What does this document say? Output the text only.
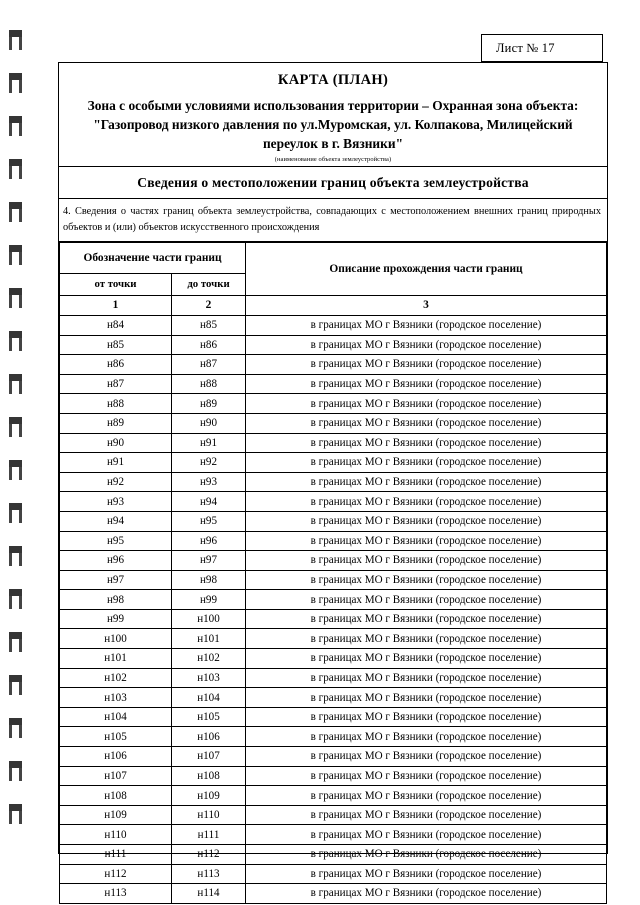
Лист № 17
КАРТА (ПЛАН)
Зона с особыми условиями использования территории – Охранная зона объекта:
"Газопровод низкого давления по ул.Муромская, ул. Колпакова, Милицейский
переулок в г. Вязники"
(наименование объекта землеустройства)
Сведения о местоположении границ объекта землеустройства
4. Сведения о частях границ объекта землеустройства, совпадающих с местоположением внешних границ природных объектов и (или) объектов искусственного происхождения
Обозначение части границ		Описание прохождения части границ
от точки	до точки	
1	2	3
н84	н85	в границах МО г Вязники (городское поселение)
н85	н86	в границах МО г Вязники (городское поселение)
н86	н87	в границах МО г Вязники (городское поселение)
н87	н88	в границах МО г Вязники (городское поселение)
н88	н89	в границах МО г Вязники (городское поселение)
н89	н90	в границах МО г Вязники (городское поселение)
н90	н91	в границах МО г Вязники (городское поселение)
н91	н92	в границах МО г Вязники (городское поселение)
н92	н93	в границах МО г Вязники (городское поселение)
н93	н94	в границах МО г Вязники (городское поселение)
н94	н95	в границах МО г Вязники (городское поселение)
н95	н96	в границах МО г Вязники (городское поселение)
н96	н97	в границах МО г Вязники (городское поселение)
н97	н98	в границах МО г Вязники (городское поселение)
н98	н99	в границах МО г Вязники (городское поселение)
н99	н100	в границах МО г Вязники (городское поселение)
н100	н101	в границах МО г Вязники (городское поселение)
н101	н102	в границах МО г Вязники (городское поселение)
н102	н103	в границах МО г Вязники (городское поселение)
н103	н104	в границах МО г Вязники (городское поселение)
н104	н105	в границах МО г Вязники (городское поселение)
н105	н106	в границах МО г Вязники (городское поселение)
н106	н107	в границах МО г Вязники (городское поселение)
н107	н108	в границах МО г Вязники (городское поселение)
н108	н109	в границах МО г Вязники (городское поселение)
н109	н110	в границах МО г Вязники (городское поселение)
н110	н111	в границах МО г Вязники (городское поселение)
н111	н112	в границах МО г Вязники (городское поселение)
н112	н113	в границах МО г Вязники (городское поселение)
н113	н114	в границах МО г Вязники (городское поселение)
